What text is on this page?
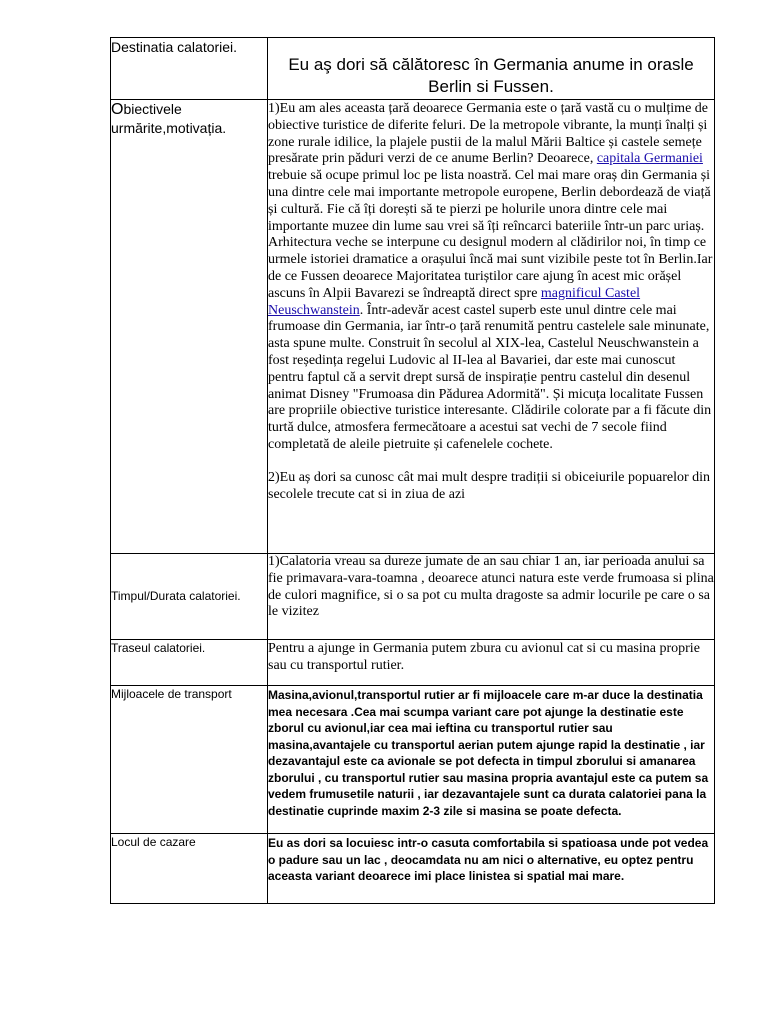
Destinatia calatoriei.	Eu aş dori să călătoresc în Germania anume in orasle Berlin si Fussen.

Obiectivele urmărite,motivația.	1)Eu am ales aceasta țară deoarece Germania este o țară vastă cu o mulțime de obiective turistice de diferite feluri. De la metropole vibrante, la munți înalți și zone rurale idilice, la plajele pustii de la malul Mării Baltice și castele semețe presărate prin păduri verzi de ce anume Berlin? Deoarece, capitala Germaniei trebuie să ocupe primul loc pe lista noastră. Cel mai mare oraș din Germania și una dintre cele mai importante metropole europene, Berlin debordează de viață și cultură. Fie că îți dorești să te pierzi pe holurile unora dintre cele mai importante muzee din lume sau vrei să îți reîncarci bateriile într-un parc uriaș. Arhitectura veche se interpune cu designul modern al clădirilor noi, în timp ce urmele istoriei dramatice a orașului încă mai sunt vizibile peste tot în Berlin.Iar de ce Fussen deoarece Majoritatea turiștilor care ajung în acest mic orășel ascuns în Alpii Bavarezi se îndreaptă direct spre magnificul Castel Neuschwanstein. Într-adevăr acest castel superb este unul dintre cele mai frumoase din Germania, iar într-o țară renumită pentru castelele sale minunate, asta spune multe. Construit în secolul al XIX-lea, Castelul Neuschwanstein a fost reședința regelui Ludovic al II-lea al Bavariei, dar este mai cunoscut pentru faptul că a servit drept sursă de inspirație pentru castelul din desenul animat Disney "Frumoasa din Pădurea Adormită". Și micuța localitate Fussen are propriile obiective turistice interesante. Clădirile colorate par a fi făcute din turtă dulce, atmosfera fermecătoare a acestui sat vechi de 7 secole fiind completată de aleile pietruite și cafenelele cochete.

2)Eu aș dori sa cunosc cât mai mult despre tradiții si obiceiurile popuarelor din secolele trecute cat si in ziua de azi

Timpul/Durata calatoriei.	1)Calatoria vreau sa dureze jumate de an sau chiar 1 an, iar perioada anului sa fie primavara-vara-toamna , deoarece atunci natura este verde frumoasa si plina de culori magnifice, si o sa pot cu multa dragoste sa admir locurile pe care o sa le vizitez

Traseul calatoriei.	Pentru a ajunge in Germania putem zbura cu avionul cat si cu masina proprie sau cu transportul rutier.

Mijloacele de transport	Masina,avionul,transportul rutier ar fi mijloacele care m-ar duce la destinatia mea necesara .Cea mai scumpa variant care pot ajunge la destinatie este zborul cu avionul,iar cea mai ieftina cu transportul rutier sau masina,avantajele cu transportul aerian putem ajunge rapid la destinatie , iar dezavantajul este ca avionale se pot defecta in timpul zborului si amanarea zborului , cu transportul rutier sau masina propria avantajul este ca putem sa vedem frumusetile naturii , iar dezavantajele sunt ca durata calatoriei pana la destinatie cuprinde maxim 2-3 zile si masina se poate defecta.

Locul de cazare	Eu as dori sa locuiesc intr-o casuta comfortabila si spatioasa unde pot vedea o padure sau un lac , deocamdata nu am nici o alternative, eu optez pentru aceasta variant deoarece imi place linistea si spatial mai mare.
